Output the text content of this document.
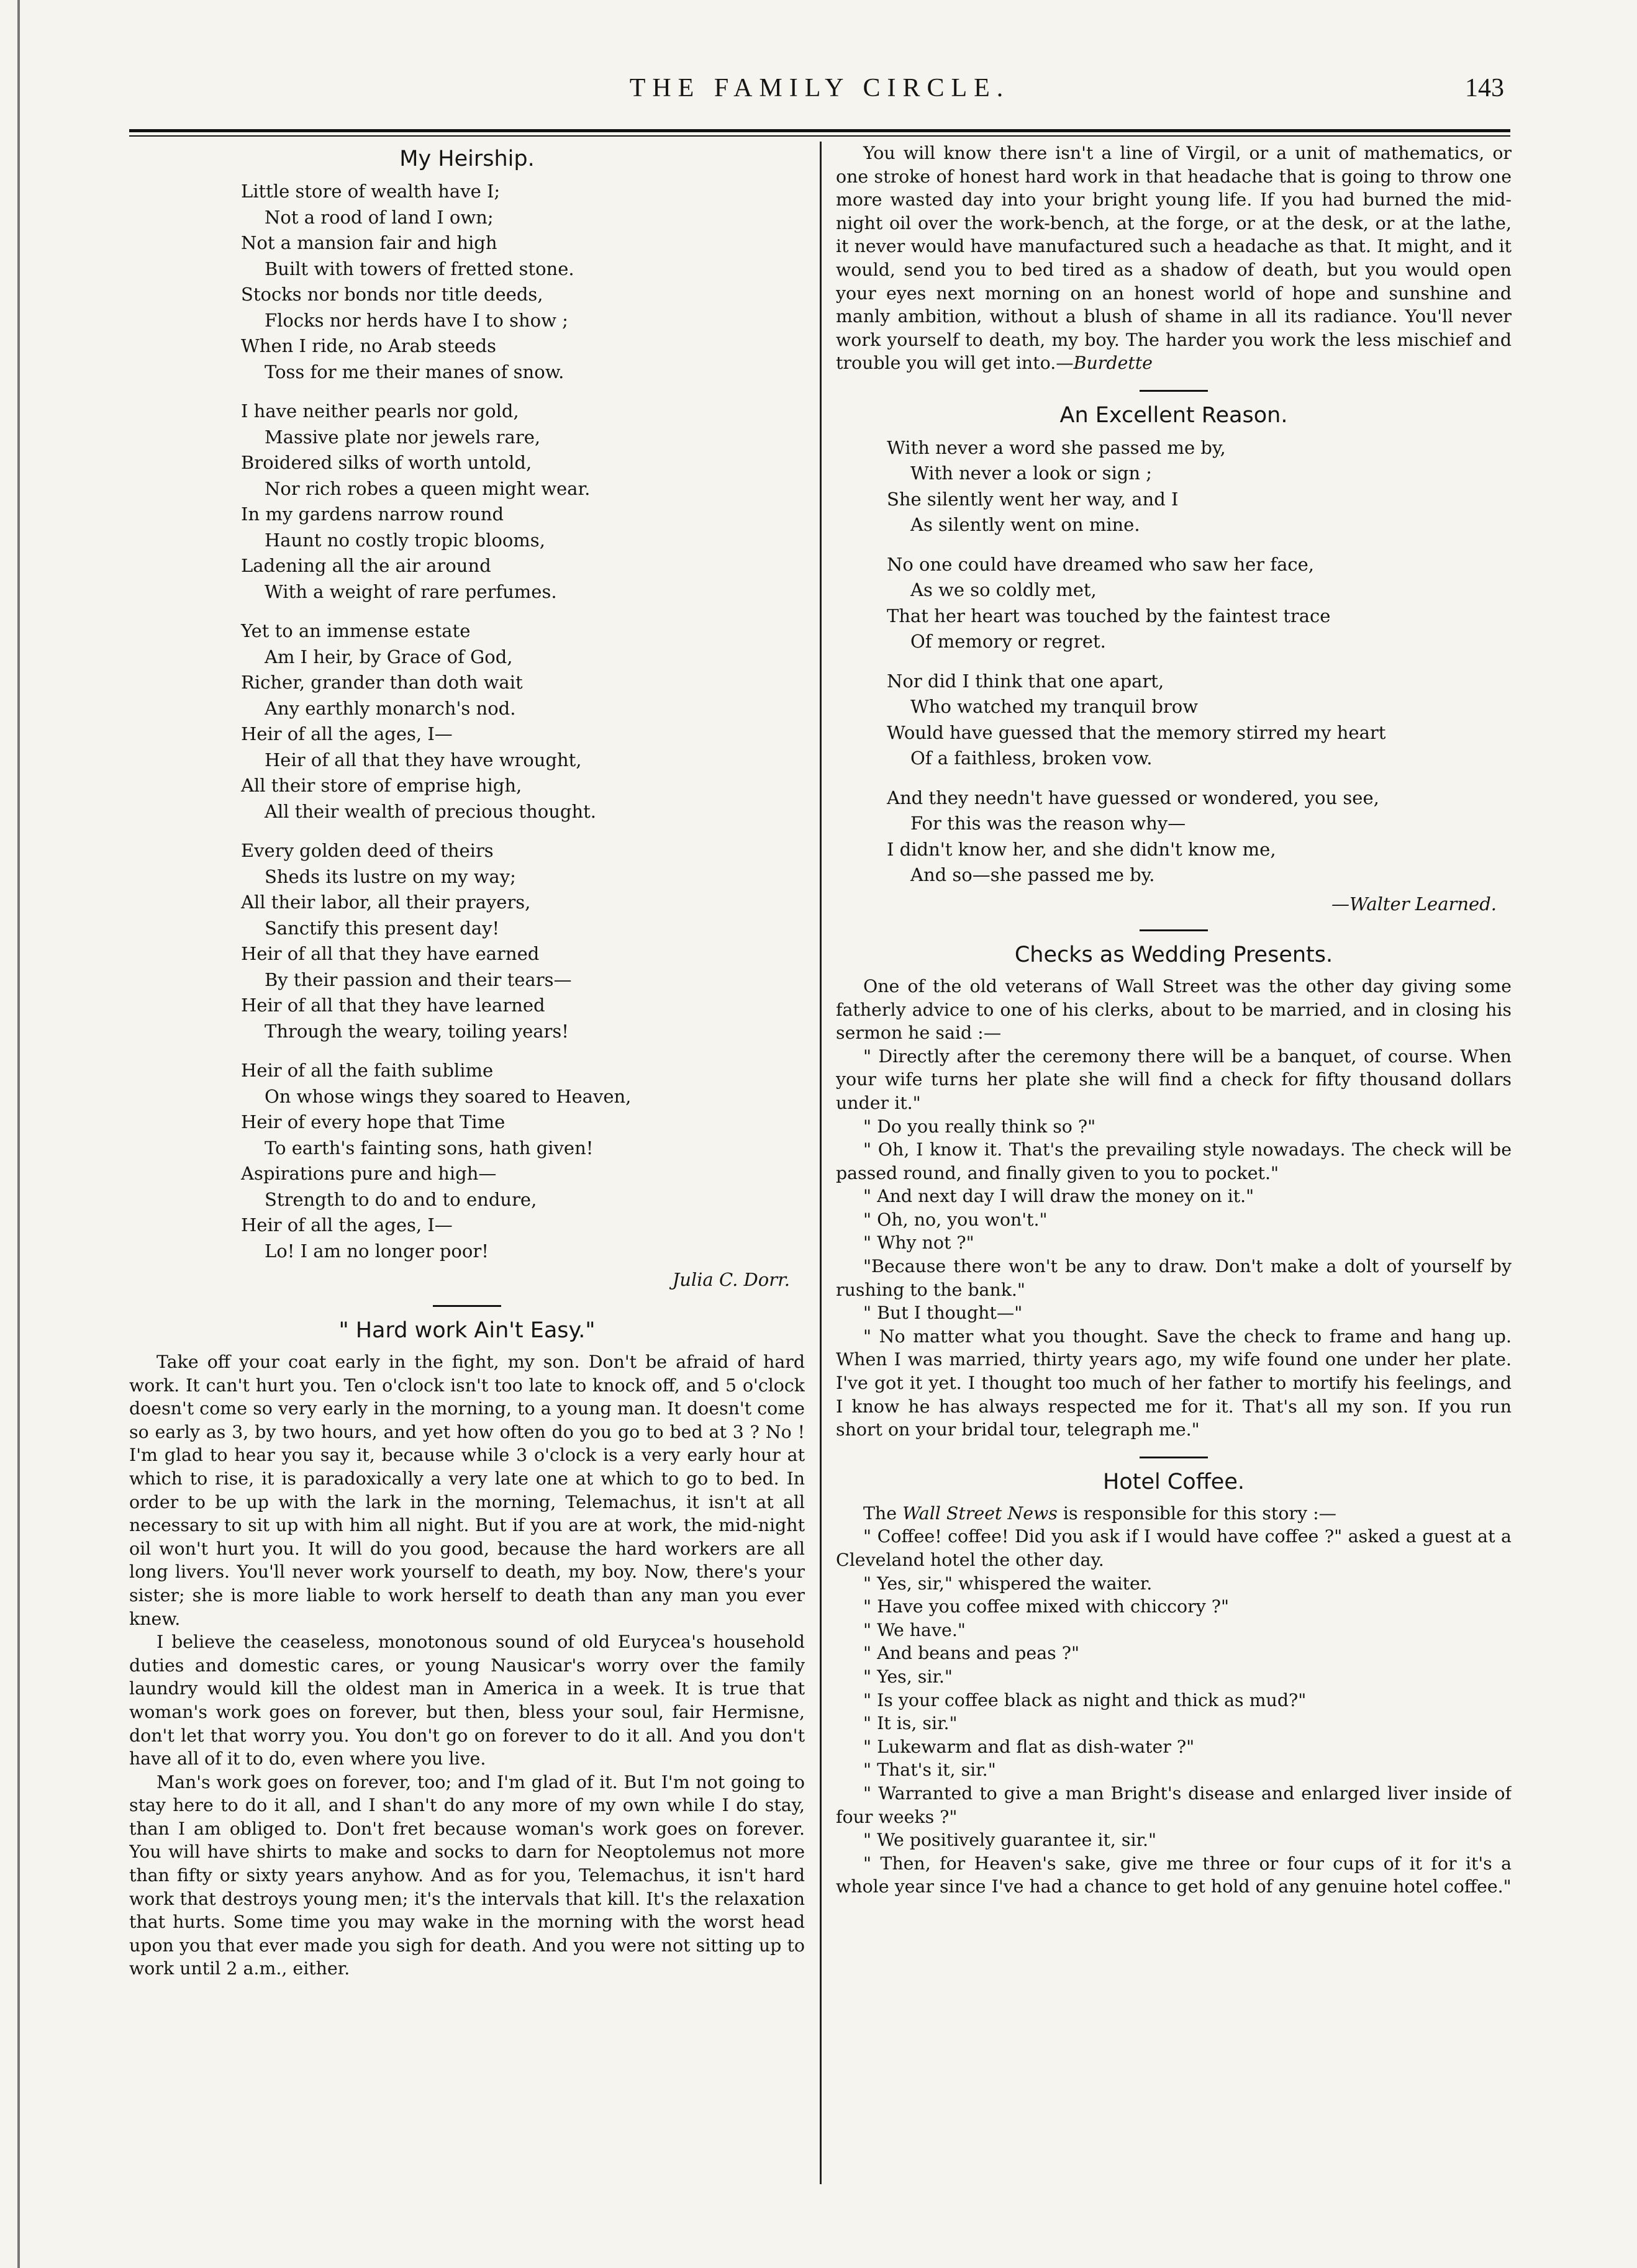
THE FAMILY CIRCLE.	143
My Heirship.
Little store of wealth have I;
Not a rood of land I own;
Not a mansion fair and high
Built with towers of fretted stone.
Stocks nor bonds nor title deeds,
Flocks nor herds have I to show ;
When I ride, no Arab steeds
Toss for me their manes of snow.
I have neither pearls nor gold,
Massive plate nor jewels rare,
Broidered silks of worth untold,
Nor rich robes a queen might wear.
In my gardens narrow round
Haunt no costly tropic blooms,
Ladening all the air around
With a weight of rare perfumes.
Yet to an immense estate
Am I heir, by Grace of God,
Richer, grander than doth wait
Any earthly monarch's nod.
Heir of all the ages, I—
Heir of all that they have wrought,
All their store of emprise high,
All their wealth of precious thought.
Every golden deed of theirs
Sheds its lustre on my way;
All their labor, all their prayers,
Sanctify this present day!
Heir of all that they have earned
By their passion and their tears—
Heir of all that they have learned
Through the weary, toiling years!
Heir of all the faith sublime
On whose wings they soared to Heaven,
Heir of every hope that Time
To earth's fainting sons, hath given!
Aspirations pure and high—
Strength to do and to endure,
Heir of all the ages, I—
Lo! I am no longer poor!
Julia C. Dorr.
" Hard work Ain't Easy."

Take off your coat early in the fight, my son. Don't be afraid of hard work. It can't hurt you. Ten o'clock isn't too late to knock off, and 5 o'clock doesn't come so very early in the morning, to a young man. It doesn't come so early as 3, by two hours, and yet how often do you go to bed at 3 ? No ! I'm glad to hear you say it, because while 3 o'clock is a very early hour at which to rise, it is paradoxically a very late one at which to go to bed. In order to be up with the lark in the morning, Telemachus, it isn't at all necessary to sit up with him all night. But if you are at work, the mid-night oil won't hurt you. It will do you good, because the hard workers are all long livers. You'll never work yourself to death, my boy. Now, there's your sister; she is more liable to work herself to death than any man you ever knew.

I believe the ceaseless, monotonous sound of old Eurycea's household duties and domestic cares, or young Nausicar's worry over the family laundry would kill the oldest man in America in a week. It is true that woman's work goes on forever, but then, bless your soul, fair Hermisne, don't let that worry you. You don't go on forever to do it all. And you don't have all of it to do, even where you live.

Man's work goes on forever, too; and I'm glad of it. But I'm not going to stay here to do it all, and I shan't do any more of my own while I do stay, than I am obliged to. Don't fret because woman's work goes on forever. You will have shirts to make and socks to darn for Neoptolemus not more than fifty or sixty years anyhow. And as for you, Telemachus, it isn't hard work that destroys young men; it's the intervals that kill. It's the relaxation that hurts. Some time you may wake in the morning with the worst head upon you that ever made you sigh for death. And you were not sitting up to work until 2 a.m., either.

You will know there isn't a line of Virgil, or a unit of mathematics, or one stroke of honest hard work in that headache that is going to throw one more wasted day into your bright young life. If you had burned the mid-night oil over the work-bench, at the forge, or at the desk, or at the lathe, it never would have manufactured such a headache as that. It might, and it would, send you to bed tired as a shadow of death, but you would open your eyes next morning on an honest world of hope and sunshine and manly ambition, without a blush of shame in all its radiance. You'll never work yourself to death, my boy. The harder you work the less mischief and trouble you will get into.—Burdette

An Excellent Reason.
With never a word she passed me by,
With never a look or sign ;
She silently went her way, and I
As silently went on mine.
No one could have dreamed who saw her face,
As we so coldly met,
That her heart was touched by the faintest trace
Of memory or regret.
Nor did I think that one apart,
Who watched my tranquil brow
Would have guessed that the memory stirred my heart
Of a faithless, broken vow.
And they needn't have guessed or wondered, you see,
For this was the reason why—
I didn't know her, and she didn't know me,
And so—she passed me by.
—Walter Learned.
Checks as Wedding Presents.

One of the old veterans of Wall Street was the other day giving some fatherly advice to one of his clerks, about to be married, and in closing his sermon he said :—

" Directly after the ceremony there will be a banquet, of course. When your wife turns her plate she will find a check for fifty thousand dollars under it."

" Do you really think so ?"

" Oh, I know it. That's the prevailing style nowadays. The check will be passed round, and finally given to you to pocket."

" And next day I will draw the money on it."

" Oh, no, you won't."

" Why not ?"

"Because there won't be any to draw. Don't make a dolt of yourself by rushing to the bank."

" But I thought—"

" No matter what you thought. Save the check to frame and hang up. When I was married, thirty years ago, my wife found one under her plate. I've got it yet. I thought too much of her father to mortify his feelings, and I know he has always respected me for it. That's all my son. If you run short on your bridal tour, telegraph me."

Hotel Coffee.

The Wall Street News is responsible for this story :—

" Coffee! coffee! Did you ask if I would have coffee ?" asked a guest at a Cleveland hotel the other day.

" Yes, sir," whispered the waiter.

" Have you coffee mixed with chiccory ?"

" We have."

" And beans and peas ?"

" Yes, sir."

" Is your coffee black as night and thick as mud?"

" It is, sir."

" Lukewarm and flat as dish-water ?"

" That's it, sir."

" Warranted to give a man Bright's disease and enlarged liver inside of four weeks ?"

" We positively guarantee it, sir."

" Then, for Heaven's sake, give me three or four cups of it for it's a whole year since I've had a chance to get hold of any genuine hotel coffee."
